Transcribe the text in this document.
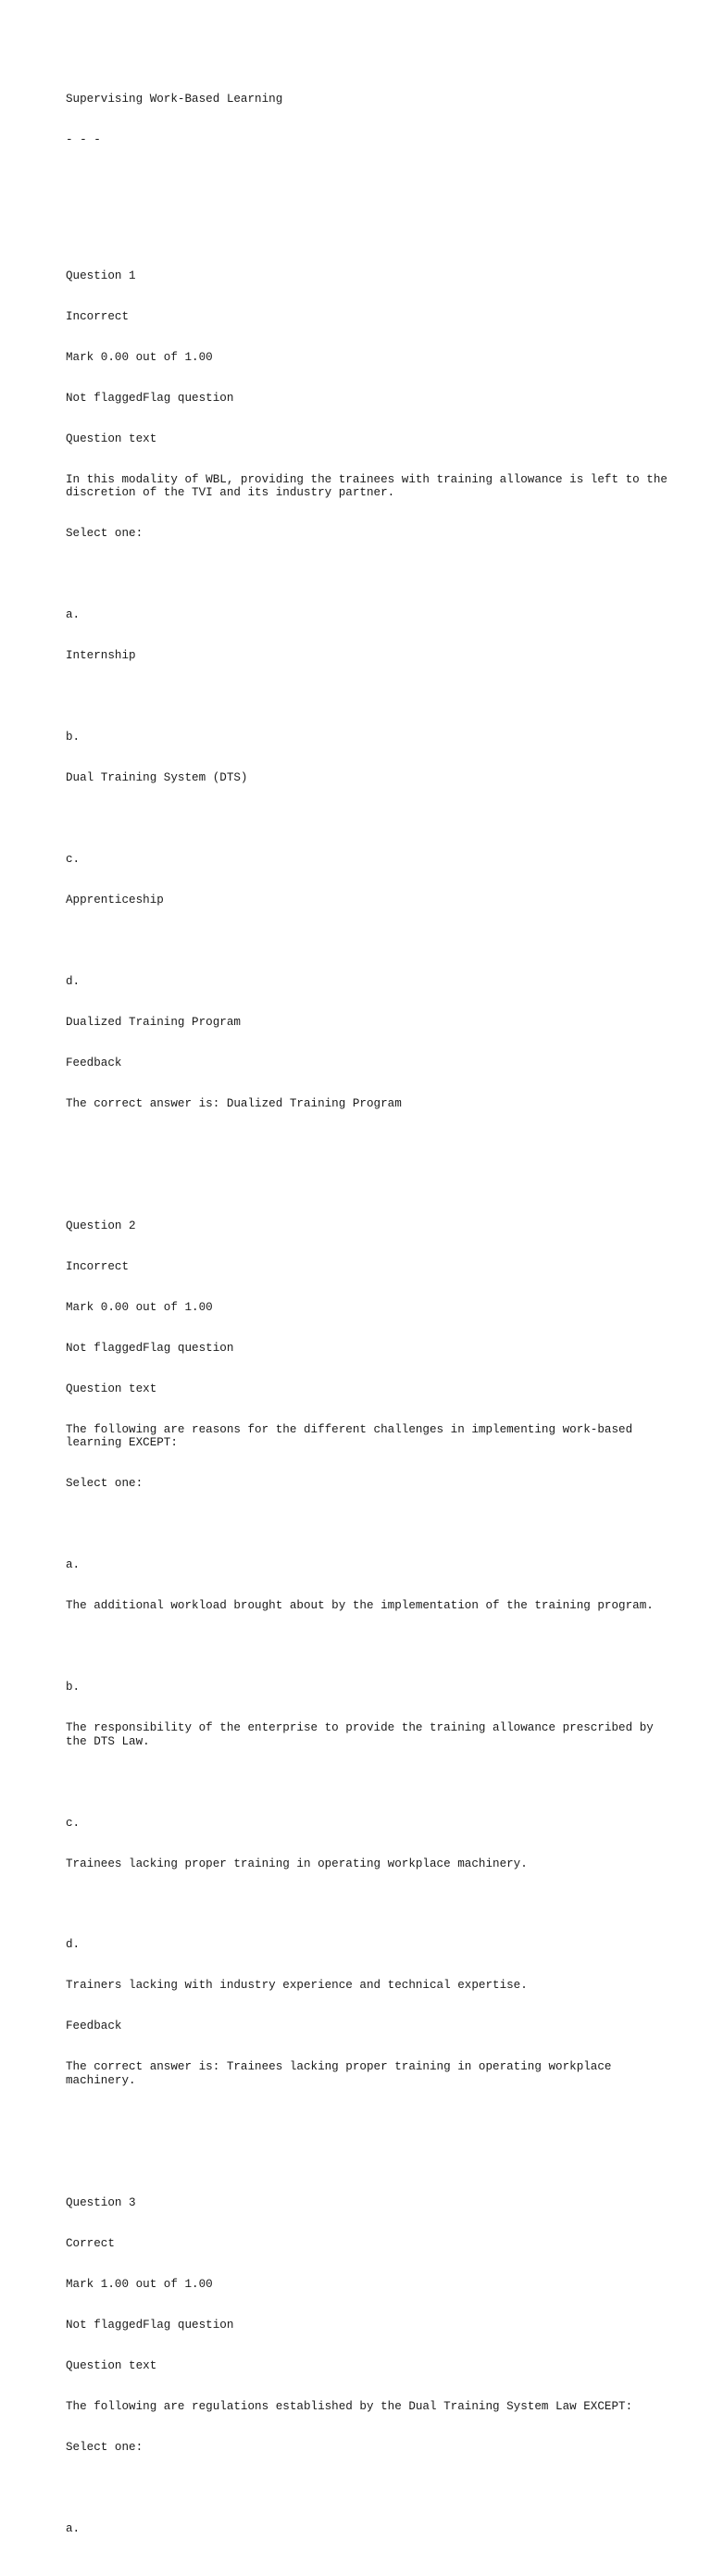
Supervising Work-Based Learning

- - -

Question 1

Incorrect

Mark 0.00 out of 1.00

Not flaggedFlag question

Question text

In this modality of WBL, providing the trainees with training allowance is left to the discretion of the TVI and its industry partner.

Select one:

a.

Internship

b.

Dual Training System (DTS)

c.

Apprenticeship

d.

Dualized Training Program

Feedback

The correct answer is: Dualized Training Program

Question 2

Incorrect

Mark 0.00 out of 1.00

Not flaggedFlag question

Question text

The following are reasons for the different challenges in implementing work-based learning EXCEPT:

Select one:

a.

The additional workload brought about by the implementation of the training program.

b.

The responsibility of the enterprise to provide the training allowance prescribed by the DTS Law.

c.

Trainees lacking proper training in operating workplace machinery.

d.

Trainers lacking with industry experience and technical expertise.

Feedback

The correct answer is: Trainees lacking proper training in operating workplace machinery.

Question 3

Correct

Mark 1.00 out of 1.00

Not flaggedFlag question

Question text

The following are regulations established by the Dual Training System Law EXCEPT:

Select one:

a.
